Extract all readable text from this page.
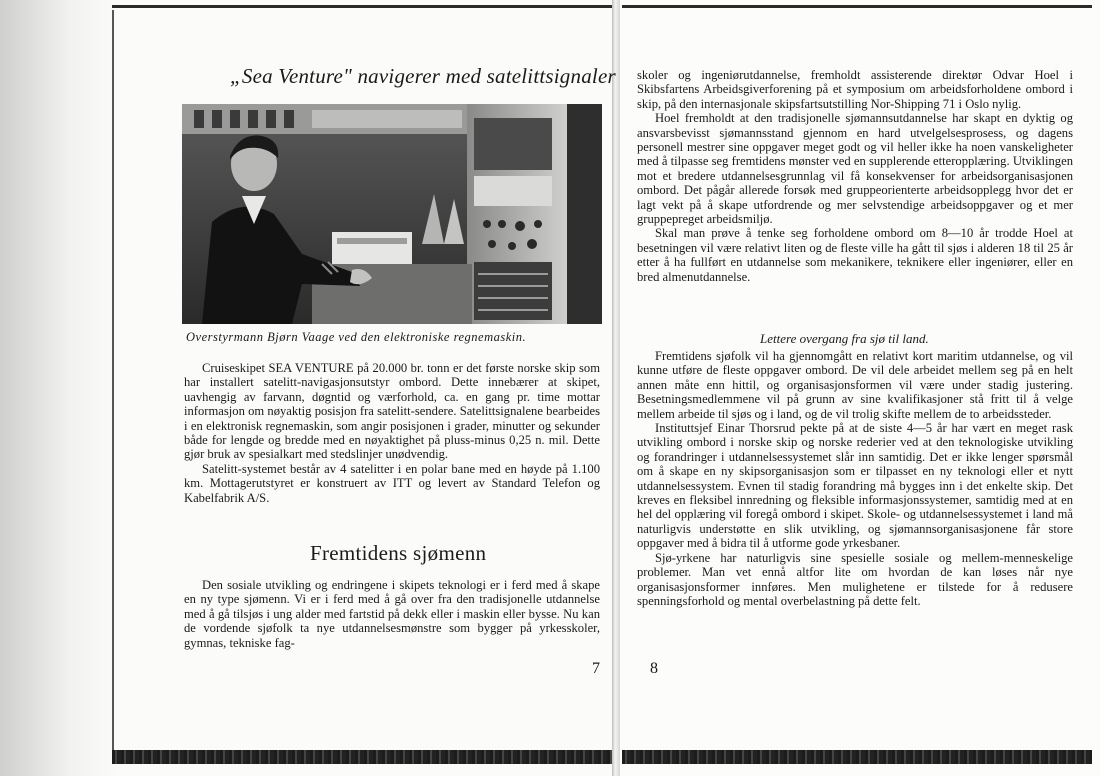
„Sea Venture" navigerer med satelittsignaler
Overstyrmann Bjørn Vaage ved den elektroniske regnemaskin.

Cruiseskipet SEA VENTURE på 20.000 br. tonn er det første norske skip som har installert satelitt-navigasjonsutstyr ombord. Dette innebærer at skipet, uavhengig av farvann, døgntid og værforhold, ca. en gang pr. time mottar informasjon om nøyaktig posisjon fra satelitt-sendere. Satelittsignalene bearbeides i en elektronisk regnemaskin, som angir posisjonen i grader, minutter og sekunder både for lengde og bredde med en nøyaktighet på pluss-minus 0,25 n. mil. Dette gjør bruk av spesialkart med stedslinjer unødvendig.

Satelitt-systemet består av 4 satelitter i en polar bane med en høyde på 1.100 km. Mottagerutstyret er konstruert av ITT og levert av Standard Telefon og Kabelfabrik A/S.

Fremtidens sjømenn

Den sosiale utvikling og endringene i skipets teknologi er i ferd med å skape en ny type sjømenn. Vi er i ferd med å gå over fra den tradisjonelle utdannelse med å gå tilsjøs i ung alder med fartstid på dekk eller i maskin eller bysse. Nu kan de vordende sjøfolk ta nye utdannelsesmønstre som bygger på yrkesskoler, gymnas, tekniske fag-

7

skoler og ingeniørutdannelse, fremholdt assisterende direktør Odvar Hoel i Skibsfartens Arbeidsgiverforening på et symposium om arbeidsforholdene ombord i skip, på den internasjonale skipsfartsutstilling Nor-Shipping 71 i Oslo nylig.

Hoel fremholdt at den tradisjonelle sjømannsutdannelse har skapt en dyktig og ansvarsbevisst sjømannsstand gjennom en hard utvelgelsesprosess, og dagens personell mestrer sine oppgaver meget godt og vil heller ikke ha noen vanskeligheter med å tilpasse seg fremtidens mønster ved en supplerende etteropplæring. Utviklingen mot et bredere utdannelsesgrunnlag vil få konsekvenser for arbeidsorganisasjonen ombord. Det pågår allerede forsøk med gruppeorienterte arbeidsopplegg hvor det er lagt vekt på å skape utfordrende og mer selvstendige arbeidsoppgaver og et mer gruppepreget arbeidsmiljø.

Skal man prøve å tenke seg forholdene ombord om 8—10 år trodde Hoel at besetningen vil være relativt liten og de fleste ville ha gått til sjøs i alderen 18 til 25 år etter å ha fullført en utdannelse som mekanikere, teknikere eller ingeniører, eller en bred almenutdannelse.

Lettere overgang fra sjø til land.

Fremtidens sjøfolk vil ha gjennomgått en relativt kort maritim utdannelse, og vil kunne utføre de fleste oppgaver ombord. De vil dele arbeidet mellem seg på en helt annen måte enn hittil, og organisasjonsformen vil være under stadig justering. Besetningsmedlemmene vil på grunn av sine kvalifikasjoner stå fritt til å velge mellem arbeide til sjøs og i land, og de vil trolig skifte mellem de to arbeidssteder.

Instituttsjef Einar Thorsrud pekte på at de siste 4—5 år har vært en meget rask utvikling ombord i norske skip og norske rederier ved at den teknologiske utvikling og forandringer i utdannelsessystemet slår inn samtidig. Det er ikke lenger spørsmål om å skape en ny skipsorganisasjon som er tilpasset en ny teknologi eller et nytt utdannelsessystem. Evnen til stadig forandring må bygges inn i det enkelte skip. Det kreves en fleksibel innredning og fleksible informasjonssystemer, samtidig med at en hel del opplæring vil foregå ombord i skipet. Skole- og utdannelsessystemet i land må naturligvis understøtte en slik utvikling, og sjømannsorganisasjonene får store oppgaver med å bidra til å utforme gode yrkesbaner.

Sjø-yrkene har naturligvis sine spesielle sosiale og mellem-menneskelige problemer. Man vet ennå altfor lite om hvordan de kan løses når nye organisasjonsformer innføres. Men mulighetene er tilstede for å redusere spenningsforhold og mental overbelastning på dette felt.

8
